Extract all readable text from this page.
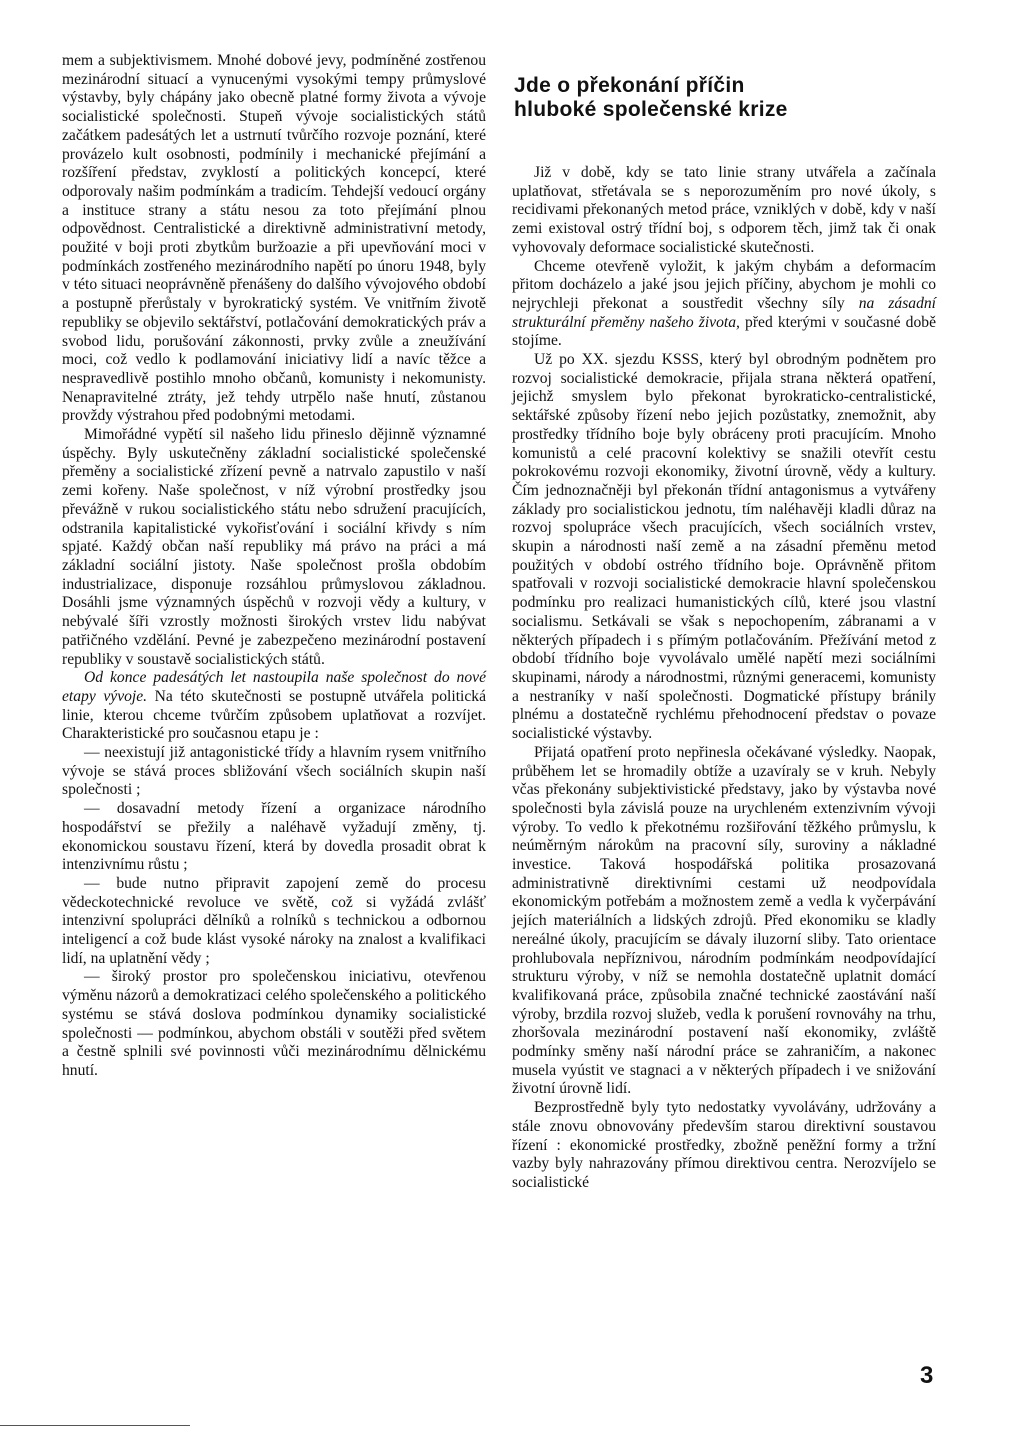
mem a subjektivismem. Mnohé dobové jevy, podmíněné zostřenou mezinárodní situací a vynucenými vysokými tempy průmyslové výstavby, byly chápány jako obecně platné formy života a vývoje socialistické společnosti. Stupeň vývoje socialistických států začátkem padesátých let a ustrnutí tvůrčího rozvoje poznání, které provázelo kult osobnosti, podmínily i mechanické přejímání a rozšíření představ, zvyklostí a politických koncepcí, které odporovaly našim podmínkám a tradicím. Tehdejší vedoucí orgány a instituce strany a státu nesou za toto přejímání plnou odpovědnost. Centralistické a direktivně administrativní metody, použité v boji proti zbytkům buržoazie a při upevňování moci v podmínkách zostřeného mezinárodního napětí po únoru 1948, byly v této situaci neoprávněně přenášeny do dalšího vývojového období a postupně přerůstaly v byrokratický systém. Ve vnitřním životě republiky se objevilo sektářství, potlačování demokratických práv a svobod lidu, porušování zákonnosti, prvky zvůle a zneužívání moci, což vedlo k podlamování iniciativy lidí a navíc těžce a nespravedlivě postihlo mnoho občanů, komunisty i nekomunisty. Nenapravitelné ztráty, jež tehdy utrpělo naše hnutí, zůstanou provždy výstrahou před podobnými metodami.

Mimořádné vypětí sil našeho lidu přineslo dějinně významné úspěchy. Byly uskutečněny základní socialistické společenské přeměny a socialistické zřízení pevně a natrvalo zapustilo v naší zemi kořeny. Naše společnost, v níž výrobní prostředky jsou převážně v rukou socialistického státu nebo sdružení pracujících, odstranila kapitalistické vykořisťování i sociální křivdy s ním spjaté. Každý občan naší republiky má právo na práci a má základní sociální jistoty. Naše společnost prošla obdobím industrializace, disponuje rozsáhlou průmyslovou základnou. Dosáhli jsme významných úspěchů v rozvoji vědy a kultury, v nebývalé šíři vzrostly možnosti širokých vrstev lidu nabývat patřičného vzdělání. Pevné je zabezpečeno mezinárodní postavení republiky v soustavě socialistických států.

Od konce padesátých let nastoupila naše společnost do nové etapy vývoje. Na této skutečnosti se postupně utvářela politická linie, kterou chceme tvůrčím způsobem uplatňovat a rozvíjet. Charakteristické pro současnou etapu je :

— neexistují již antagonistické třídy a hlavním rysem vnitřního vývoje se stává proces sbližování všech sociálních skupin naší společnosti ;

— dosavadní metody řízení a organizace národního hospodářství se přežily a naléhavě vyžadují změny, tj. ekonomickou soustavu řízení, která by dovedla prosadit obrat k intenzivnímu růstu ;

— bude nutno připravit zapojení země do procesu vědeckotechnické revoluce ve světě, což si vyžádá zvlášť intenzivní spolupráci dělníků a rolníků s technickou a odbornou inteligencí a což bude klást vysoké nároky na znalost a kvalifikaci lidí, na uplatnění vědy ;

— široký prostor pro společenskou iniciativu, otevřenou výměnu názorů a demokratizaci celého společenského a politického systému se stává doslova podmínkou dynamiky socialistické společnosti — podmínkou, abychom obstáli v soutěži před světem a čestně splnili své povinnosti vůči mezinárodnímu dělnickému hnutí.

Jde o překonání příčin
hluboké společenské krize

Již v době, kdy se tato linie strany utvářela a začínala uplatňovat, střetávala se s neporozuměním pro nové úkoly, s recidivami překonaných metod práce, vzniklých v době, kdy v naší zemi existoval ostrý třídní boj, s odporem těch, jimž tak či onak vyhovovaly deformace socialistické skutečnosti.

Chceme otevřeně vyložit, k jakým chybám a deformacím přitom docházelo a jaké jsou jejich příčiny, abychom je mohli co nejrychleji překonat a soustředit všechny síly na zásadní strukturální přeměny našeho života, před kterými v současné době stojíme.

Už po XX. sjezdu KSSS, který byl obrodným podnětem pro rozvoj socialistické demokracie, přijala strana některá opatření, jejichž smyslem bylo překonat byrokraticko-centralistické, sektářské způsoby řízení nebo jejich pozůstatky, znemožnit, aby prostředky třídního boje byly obráceny proti pracujícím. Mnoho komunistů a celé pracovní kolektivy se snažili otevřít cestu pokrokovému rozvoji ekonomiky, životní úrovně, vědy a kultury. Čím jednoznačněji byl překonán třídní antagonismus a vytvářeny základy pro socialistickou jednotu, tím naléhavěji kladli důraz na rozvoj spolupráce všech pracujících, všech sociálních vrstev, skupin a národnosti naší země a na zásadní přeměnu metod použitých v období ostrého třídního boje. Oprávněně přitom spatřovali v rozvoji socialistické demokracie hlavní společenskou podmínku pro realizaci humanistických cílů, které jsou vlastní socialismu. Setkávali se však s nepochopením, zábranami a v některých případech i s přímým potlačováním. Přežívání metod z období třídního boje vyvolávalo umělé napětí mezi sociálními skupinami, národy a národnostmi, různými generacemi, komunisty a nestraníky v naší společnosti. Dogmatické přístupy bránily plnému a dostatečně rychlému přehodnocení představ o povaze socialistické výstavby.

Přijatá opatření proto nepřinesla očekávané výsledky. Naopak, průběhem let se hromadily obtíže a uzavíraly se v kruh. Nebyly včas překonány subjektivistické představy, jako by výstavba nové společnosti byla závislá pouze na urychleném extenzivním vývoji výroby. To vedlo k překotnému rozšiřování těžkého průmyslu, k neúměrným nárokům na pracovní síly, suroviny a nákladné investice. Taková hospodářská politika prosazovaná administrativně direktivními cestami už neodpovídala ekonomickým potřebám a možnostem země a vedla k vyčerpávání jejích materiálních a lidských zdrojů. Před ekonomiku se kladly nereálné úkoly, pracujícím se dávaly iluzorní sliby. Tato orientace prohlubovala nepříznivou, národním podmínkám neodpovídající strukturu výroby, v níž se nemohla dostatečně uplatnit domácí kvalifikovaná práce, způsobila značné technické zaostávání naší výroby, brzdila rozvoj služeb, vedla k porušení rovnováhy na trhu, zhoršovala mezinárodní postavení naší ekonomiky, zvláště podmínky směny naší národní práce se zahraničím, a nakonec musela vyústit ve stagnaci a v některých případech i ve snižování životní úrovně lidí.

Bezprostředně byly tyto nedostatky vyvolávány, udržovány a stále znovu obnovovány především starou direktivní soustavou řízení : ekonomické prostředky, zbožně peněžní formy a tržní vazby byly nahrazovány přímou direktivou centra. Nerozvíjelo se socialistické

3
